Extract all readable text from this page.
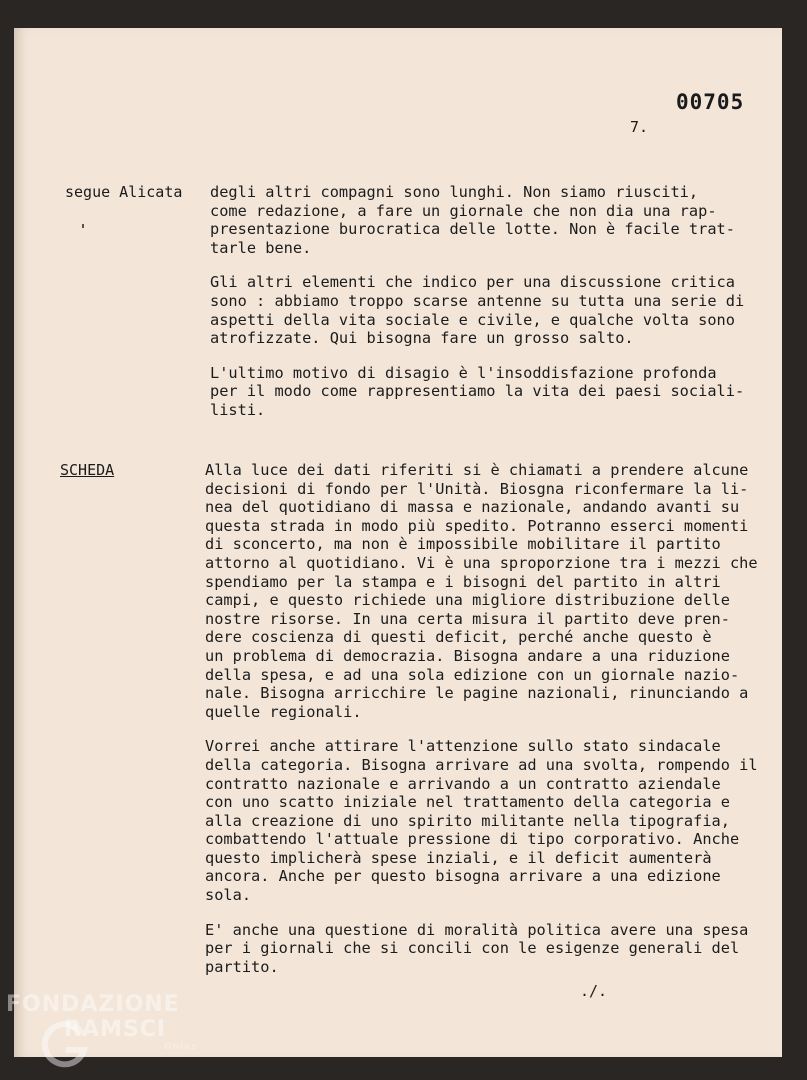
00705
7.
segue Alicata degli altri compagni sono lunghi. Non siamo riusciti,
come redazione, a fare un giornale che non dia una rap-
presentazione burocratica delle lotte. Non è facile trat-
tarle bene.

Gli altri elementi che indico per una discussione critica
sono : abbiamo troppo scarse antenne su tutta una serie di
aspetti della vita sociale e civile, e qualche volta sono
atrofizzate. Qui bisogna fare un grosso salto.

L'ultimo motivo di disagio è l'insoddisfazione profonda
per il modo come rappresentiamo la vita dei paesi sociali-
listi.

SCHEDA	Alla luce dei dati riferiti si è chiamati a prendere alcune
decisioni di fondo per l'Unità. Biosgna riconfermare la li-
nea del quotidiano di massa e nazionale, andando avanti su
questa strada in modo più spedito. Potranno esserci momenti
di sconcerto, ma non è impossibile mobilitare il partito
attorno al quotidiano. Vi è una sproporzione tra i mezzi che
spendiamo per la stampa e i bisogni del partito in altri
campi, e questo richiede una migliore distribuzione delle
nostre risorse. In una certa misura il partito deve pren-
dere coscienza di questi deficit, perché anche questo è
un problema di democrazia. Bisogna andare a una riduzione
della spesa, e ad una sola edizione con un giornale nazio-
nale. Bisogna arricchire le pagine nazionali, rinunciando a
quelle regionali.

Vorrei anche attirare l'attenzione sullo stato sindacale
della categoria. Bisogna arrivare ad una svolta, rompendo il
contratto nazionale e arrivando a un contratto aziendale
con uno scatto iniziale nel trattamento della categoria e
alla creazione di uno spirito militante nella tipografia,
combattendo l'attuale pressione di tipo corporativo. Anche
questo implicherà spese inziali, e il deficit aumenterà
ancora. Anche per questo bisogna arrivare a una edizione
sola.

E' anche una questione di moralità politica avere una spesa
per i giornali che si concili con le esigenze generali del
partito.

./.
FONDAZIONE
RAMSCI
Onlus
